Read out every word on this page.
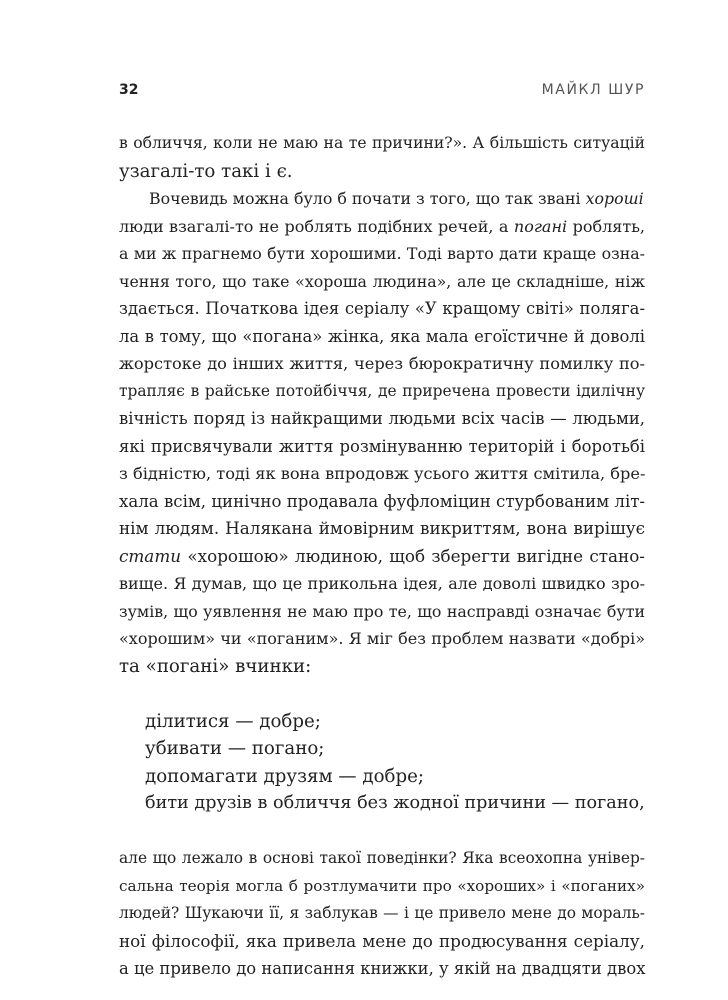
32	МАЙКЛ ШУР
в обличчя, коли не маю на те причини?». А більшість ситуацій
узагалі-то такі і є.
Вочевидь можна було б почати з того, що так звані хороші
люди взагалі-то не роблять подібних речей, а погані роблять,
а ми ж прагнемо бути хорошими. Тоді варто дати краще озна-
чення того, що таке «хороша людина», але це складніше, ніж
здається. Початкова ідея серіалу «У кращому світі» поляга-
ла в тому, що «погана» жінка, яка мала егоїстичне й доволі
жорстоке до інших життя, через бюрократичну помилку по-
трапляє в райське потойбіччя, де приречена провести ідилічну
вічність поряд із найкращими людьми всіх часів — людьми,
які присвячували життя розмінуванню територій і боротьбі
з бідністю, тоді як вона впродовж усього життя смітила, бре-
хала всім, цинічно продавала фуфломіцин стурбованим літ-
нім людям. Налякана ймовірним викриттям, вона вирішує
стати «хорошою» людиною, щоб зберегти вигідне стано-
вище. Я думав, що це прикольна ідея, але доволі швидко зро-
зумів, що уявлення не маю про те, що насправді означає бути
«хорошим» чи «поганим». Я міг без проблем назвати «добрі»
та «погані» вчинки:
ділитися — добре;
убивати — погано;
допомагати друзям — добре;
бити друзів в обличчя без жодної причини — погано,
але що лежало в основі такої поведінки? Яка всеохопна універ-
сальна теорія могла б розтлумачити про «хороших» і «поганих»
людей? Шукаючи її, я заблукав — і це привело мене до мораль-
ної філософії, яка привела мене до продюсування серіалу,
а це привело до написання книжки, у якій на двадцяти двох
